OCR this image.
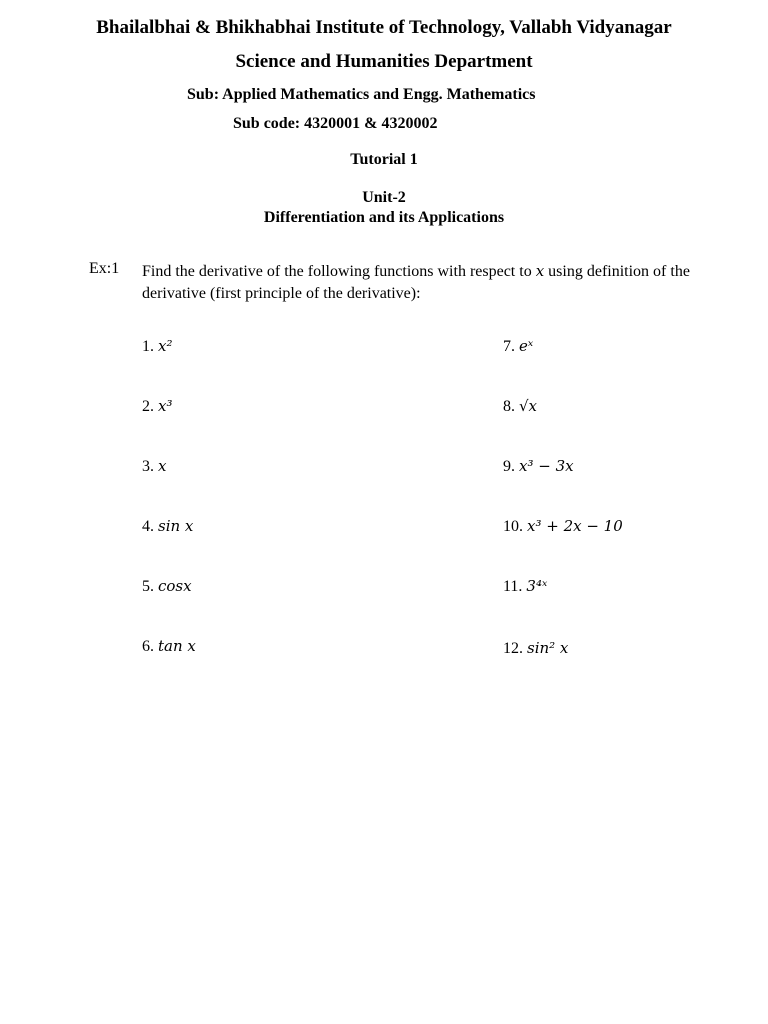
Bhailalbhai & Bhikhabhai Institute of Technology, Vallabh Vidyanagar
Science and Humanities Department
Sub: Applied Mathematics and Engg. Mathematics
Sub code: 4320001 & 4320002
Tutorial 1
Unit-2
Differentiation and its Applications
Ex:1 Find the derivative of the following functions with respect to x using definition of the derivative (first principle of the derivative):
1. x²
2. x³
3. x
4. sin x
5. cosx
6. tan x
7. eˣ
8. √x
9. x³ − 3x
10. x³ + 2x − 10
11. 3⁴ˣ
12. sin² x
